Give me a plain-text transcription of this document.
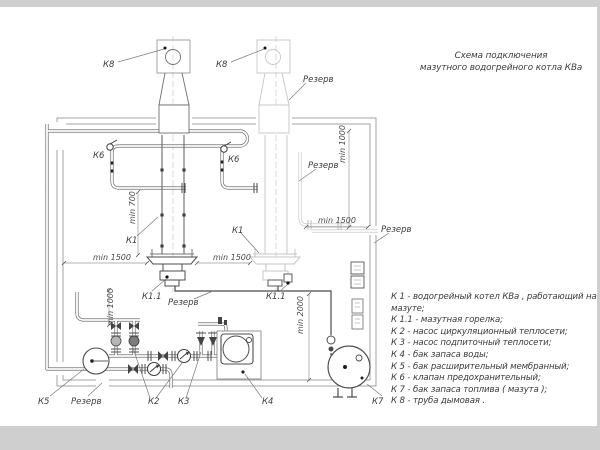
К8	К8
К6	К6
К1
К1
К1.1	К1.1
К5	К2 К3	К4	К7
Резерв
Резерв
Резерв
Резерв
Резерв
min 1500	min 1500
min 1500
min 700
min 1000
min 1000	min 2000
Схема подключения
мазутного водогрейного котла КВа
К 1 - водогрейный котел КВа , работающий на мазуте;
К 1.1 - мазутная горелка;
К 2 - насос циркуляционный теплосети;
К 3 - насос подпиточный теплосети;
К 4 - бак запаса воды;
К 5 - бак расширительный мембранный;
К 6 - клапан предохранительный;
К 7 - бак запаса топлива ( мазута );
К 8 - труба дымовая .
